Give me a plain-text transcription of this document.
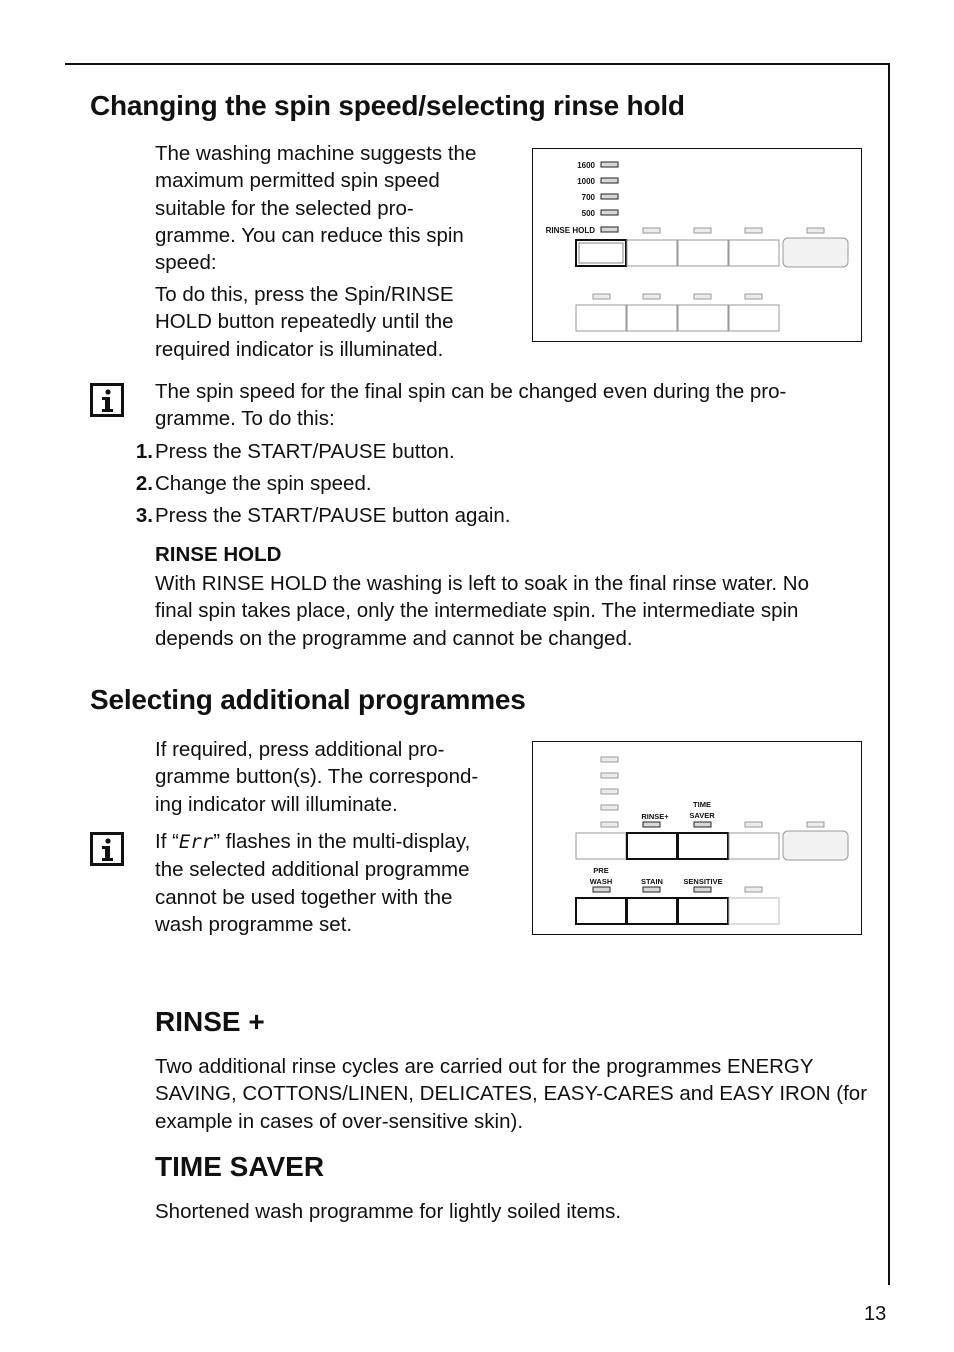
Changing the spin speed/selecting rinse hold
The washing machine suggests the
maximum permitted spin speed
suitable for the selected pro-
gramme. You can reduce this spin
speed:
To do this, press the Spin/RINSE
HOLD button repeatedly until the
required indicator is illuminated.
1600
1000
700
500
RINSE HOLD
The spin speed for the final spin can be changed even during the pro-
gramme. To do this:
1. Press the START/PAUSE button.
2. Change the spin speed.
3. Press the START/PAUSE button again.
RINSE HOLD
With RINSE HOLD the washing is left to soak in the final rinse water. No
final spin takes place, only the intermediate spin. The intermediate spin
depends on the programme and cannot be changed.
Selecting additional programmes
If required, press additional pro-
gramme button(s). The correspond-
ing indicator will illuminate.
If “Err” flashes in the multi-display,
the selected additional programme
cannot be used together with the
wash programme set.
RINSE+
TIME
SAVER
PRE
WASH	STAIN	SENSITIVE
RINSE +
Two additional rinse cycles are carried out for the programmes ENERGY
SAVING, COTTONS/LINEN, DELICATES, EASY-CARES and EASY IRON (for
example in cases of over-sensitive skin).
TIME SAVER
Shortened wash programme for lightly soiled items.
13
